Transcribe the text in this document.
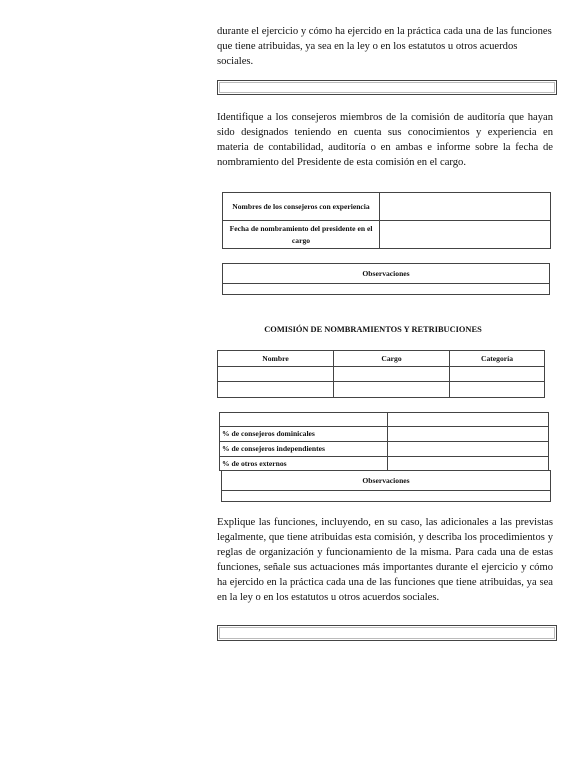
durante el ejercicio y cómo ha ejercido en la práctica cada una de las funciones que tiene atribuidas, ya sea en la ley o en los estatutos u otros acuerdos sociales.

Identifique a los consejeros miembros de la comisión de auditoría que hayan sido designados teniendo en cuenta sus conocimientos y experiencia en materia de contabilidad, auditoría o en ambas e informe sobre la fecha de nombramiento del Presidente de esta comisión en el cargo.

Nombres de los consejeros con experiencia	
Fecha de nombramiento del presidente en el cargo	
Observaciones

COMISIÓN DE NOMBRAMIENTOS Y RETRIBUCIONES
Nombre	Cargo	Categoría

% de consejeros dominicales	
% de consejeros independientes	
% de otros externos	
Observaciones

Explique las funciones, incluyendo, en su caso, las adicionales a las previstas legalmente, que tiene atribuidas esta comisión, y describa los procedimientos y reglas de organización y funcionamiento de la misma. Para cada una de estas funciones, señale sus actuaciones más importantes durante el ejercicio y cómo ha ejercido en la práctica cada una de las funciones que tiene atribuidas, ya sea en la ley o en los estatutos u otros acuerdos sociales.
